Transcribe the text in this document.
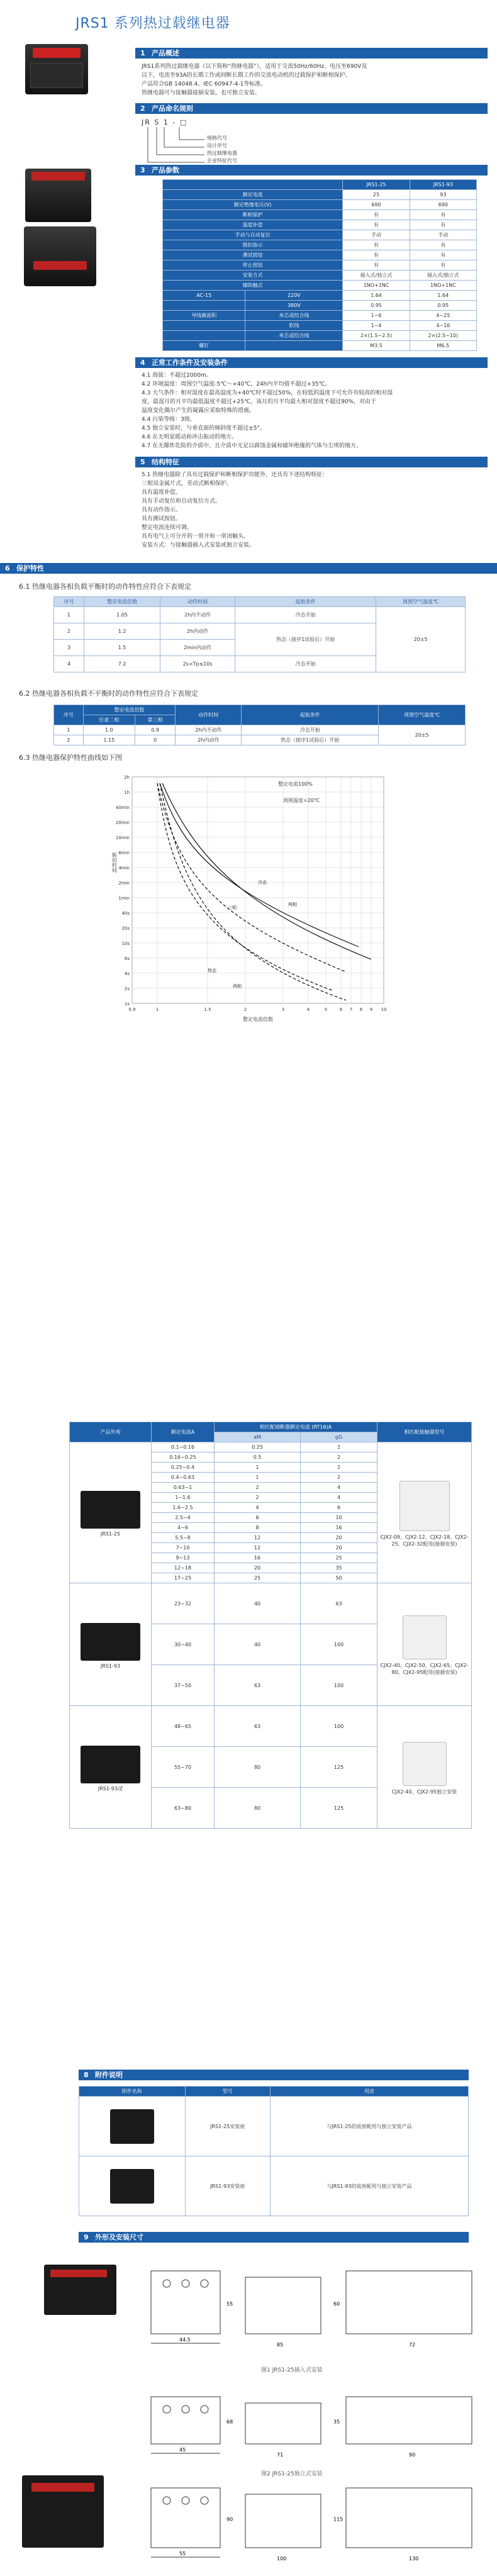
JRS1 系列热过载继电器
1 产品概述

JRS1系列热过载继电器（以下简称“热继电器”），适用于交流50Hz/60Hz、电压至690V及

以下，电流至93A的长期工作或间断长期工作的交流电动机的过载保护和断相保护。

产品符合GB 14048.4、IEC 60947-4-1等标准。

热继电器可与接触器接插安装，也可独立安装。

2 产品命名规则
JR S 1 - □
规格代号
设计序号
热过载继电器
企业特征代号
3 产品参数
		JRS1-25	JRS1-93
额定电流		25	93
额定绝缘电压(V)		690	690
断相保护		有	有
温度补偿		有	有
手动与自动复位		手动	手动
脱扣指示		有	有
测试按钮		有	有
停止按钮		有	有
安装方式		插入式/独立式	插入式/独立式
辅助触点		1NO+1NC	1NO+1NC
AC-15	220V	1.64	1.64
	380V	0.95	0.95
导线截面积	单芯或绞合线	1~6	4~25
	软线	1~4	4~16
	单芯或绞合线	2×(1.5~2.5)	2×(2.5~10)
螺钉		M3.5	M6.5
4 正常工作条件及安装条件

4.1 海拔：不超过2000m。

4.2 环境温度：周围空气温度-5℃～+40℃，24h内平均值不超过+35℃。

4.3 大气条件：相对湿度在最高温度为+40℃时不超过50%，在较低的温度下可允许有较高的相对湿

度，最湿月的月平均最低温度不超过+25℃，该月的月平均最大相对湿度不超过90%，对由于

温度变化偶尔产生的凝露应采取特殊的措施。

4.4 污染等级：3级。

4.5 独立安装时，与垂直面的倾斜度不超过±5°。

4.6 在无明显摇动和冲击振动的地方。

4.7 在无爆炸危险的介质中，且介质中无足以腐蚀金属和破坏绝缘的气体与尘埃的地方。

5 结构特征

5.1 热继电器除了具有过载保护和断相保护功能外，还具有下述结构特征：

三相双金属片式，差动式断相保护。

具有温度补偿。

具有手动复位和自动复位方式。

具有动作指示。

具有测试按钮。

整定电流连续可调。

具有电气上可分开的一常开和一常闭触头。

安装方式：与接触器插入式安装或独立安装。

6 保护特性
6.1 热继电器各相负载平衡时的动作特性应符合下表规定
序号	整定电流倍数	动作时间	起始条件	周围空气温度℃
1	1.05	2h内不动作	冷态开始	20±5
2	1.2	2h内动作	热态（接序1试验后）开始	
3	1.5	2min内动作		
4	7.2	2s<Tp≤10s	冷态开始	
6.2 热继电器各相负载不平衡时的动作特性应符合下表规定
序号	整定电流倍数		动作时间	起始条件	周围空气温度℃
	任意二相	第三相			
1	1.0	0.9	2h内不动作	冷态开始	20±5
2	1.15	0	2h内动作	热态（接序1试验后）开始	
6.3 热继电器保护特性曲线如下图
2h
1h
40min
20min
10min
6min
4min
2min
1min
40s
20s
10s
6s
4s
2s
1s
0.9	1	1.5	2	3	4	5	6 7 8 9 10
整定电流倍数
脱扣时间
整定电流100%
周围温度=20℃
冷态
两相
三相
热态
两相
产品外观	额定电流A	相匹配熔断器额定电流 (RT16)A		相匹配接触器型号
		aM	gG	

JRS1-25	0.1~0.16	0.25	2	CJX2-09、CJX2-12、CJX2-18、CJX2-25、CJX2-32配用(接插安装)

	0.16~0.25	0.5	2	
	0.25~0.4	1	2	
	0.4~0.63	1	2	
	0.63~1	2	4	
	1~1.6	2	4	
	1.6~2.5	4	6	
	2.5~4	6	10	
	4~6	8	16	
	5.5~8	12	20	
	7~10	12	20	
	9~13	16	25	
	12~18	20	35	
	17~25	25	50	

JRS1-93	23~32	40	63	CJX2-40、CJX2-50、CJX2-65、CJX2-80、CJX2-95配用(接插安装)

	30~40	40	100	
	37~50	63	100	

JRS1-93/Z	48~65	63	100	CJX2-40、CJX2-95独立安装

	55~70	80	125	
	63~80	80	125	
8 附件说明
附件名称	型号	用途

	JRS1-25安装座	与JRS1-25的底座配用与独立安装产品

	JRS1-93安装座	与JRS1-93的底座配用与独立安装产品
9 外形及安装尺寸
44.5
55
85
60
72
图1 JRS1-25插入式安装
45
68
71
35
90
图2 JRS1-25独立式安装
55
90
100
115
130
